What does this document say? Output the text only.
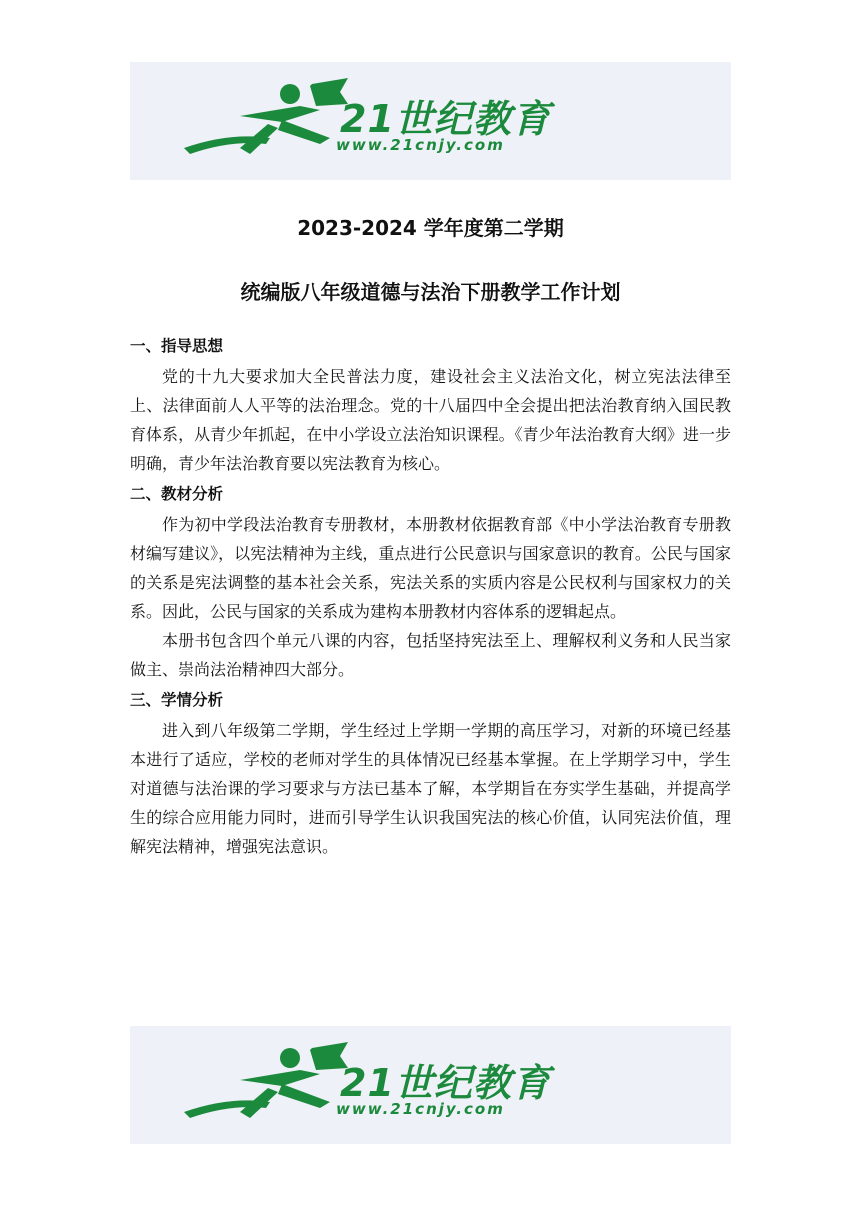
21世纪教育
www.21cnjy.com
2023-2024 学年度第二学期
统编版八年级道德与法治下册教学工作计划

一、指导思想

党的十九大要求加大全民普法力度，建设社会主义法治文化，树立宪法法律至上、法律面前人人平等的法治理念。党的十八届四中全会提出把法治教育纳入国民教育体系，从青少年抓起，在中小学设立法治知识课程。《青少年法治教育大纲》进一步明确，青少年法治教育要以宪法教育为核心。

二、教材分析

作为初中学段法治教育专册教材，本册教材依据教育部《中小学法治教育专册教材编写建议》，以宪法精神为主线，重点进行公民意识与国家意识的教育。公民与国家的关系是宪法调整的基本社会关系，宪法关系的实质内容是公民权利与国家权力的关系。因此，公民与国家的关系成为建构本册教材内容体系的逻辑起点。

本册书包含四个单元八课的内容，包括坚持宪法至上、理解权利义务和人民当家做主、崇尚法治精神四大部分。

三、学情分析

进入到八年级第二学期，学生经过上学期一学期的高压学习，对新的环境已经基本进行了适应，学校的老师对学生的具体情况已经基本掌握。在上学期学习中，学生对道德与法治课的学习要求与方法已基本了解，本学期旨在夯实学生基础，并提高学生的综合应用能力同时，进而引导学生认识我国宪法的核心价值，认同宪法价值，理解宪法精神，增强宪法意识。

21世纪教育
www.21cnjy.com
